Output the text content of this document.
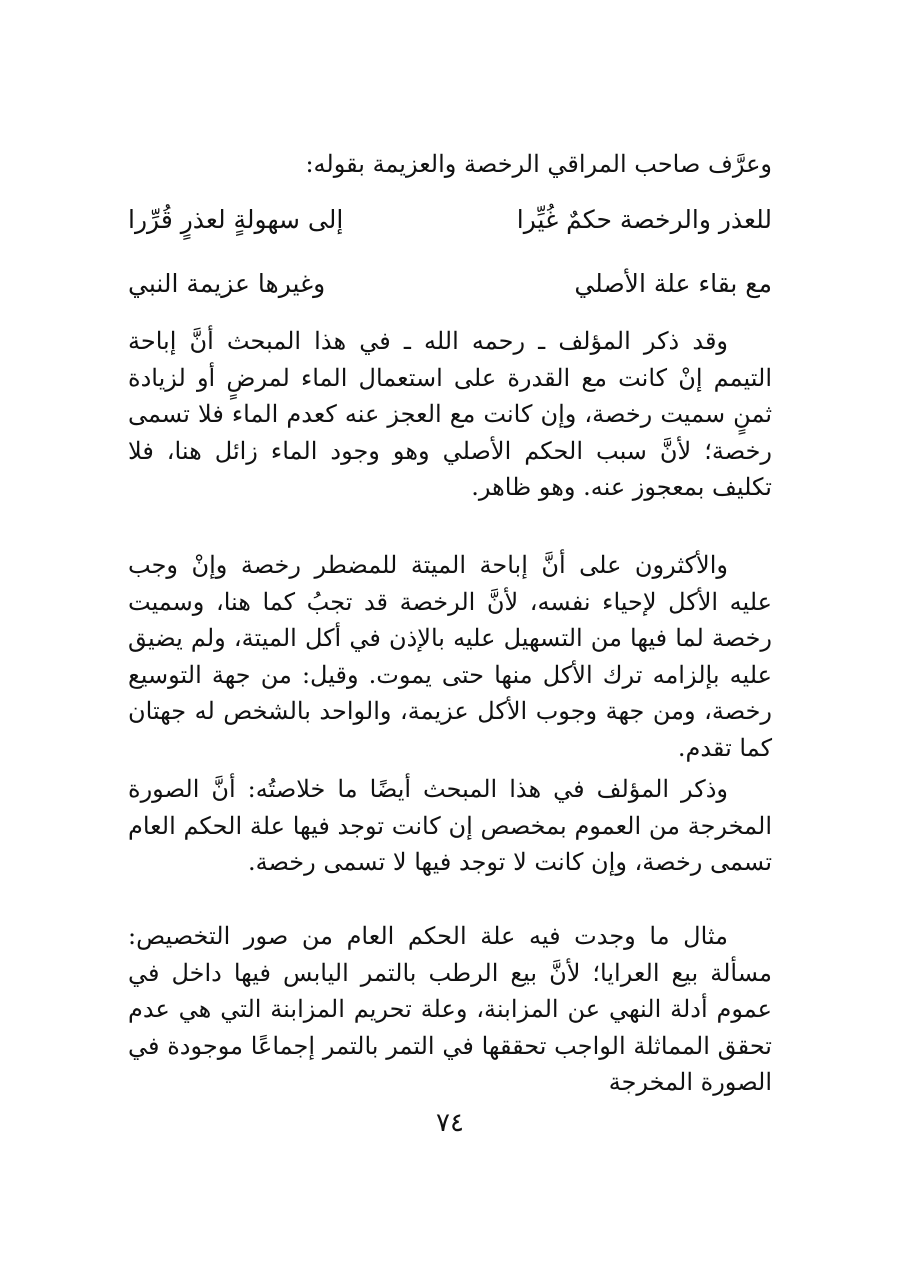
وعرَّف صاحب المراقي الرخصة والعزيمة بقوله:
للعذر والرخصة حكمٌ غُيِّرا
إلى سهولةٍ لعذرٍ قُرِّرا
مع بقاء علة الأصلي
وغيرها عزيمة النبي

وقد ذكر المؤلف ـ رحمه الله ـ في هذا المبحث أنَّ إباحة التيمم إنْ كانت مع القدرة على استعمال الماء لمرضٍ أو لزيادة ثمنٍ سميت رخصة، وإن كانت مع العجز عنه كعدم الماء فلا تسمى رخصة؛ لأنَّ سبب الحكم الأصلي وهو وجود الماء زائل هنا، فلا تكليف بمعجوز عنه. وهو ظاهر.

والأكثرون على أنَّ إباحة الميتة للمضطر رخصة وإنْ وجب عليه الأكل لإحياء نفسه، لأنَّ الرخصة قد تجبُ كما هنا، وسميت رخصة لما فيها من التسهيل عليه بالإذن في أكل الميتة، ولم يضيق عليه بإلزامه ترك الأكل منها حتى يموت. وقيل: من جهة التوسيع رخصة، ومن جهة وجوب الأكل عزيمة، والواحد بالشخص له جهتان كما تقدم.

وذكر المؤلف في هذا المبحث أيضًا ما خلاصتُه: أنَّ الصورة المخرجة من العموم بمخصص إن كانت توجد فيها علة الحكم العام تسمى رخصة، وإن كانت لا توجد فيها لا تسمى رخصة.

مثال ما وجدت فيه علة الحكم العام من صور التخصيص: مسألة بيع العرايا؛ لأنَّ بيع الرطب بالتمر اليابس فيها داخل في عموم أدلة النهي عن المزابنة، وعلة تحريم المزابنة التي هي عدم تحقق المماثلة الواجب تحققها في التمر بالتمر إجماعًا موجودة في الصورة المخرجة

٧٤
